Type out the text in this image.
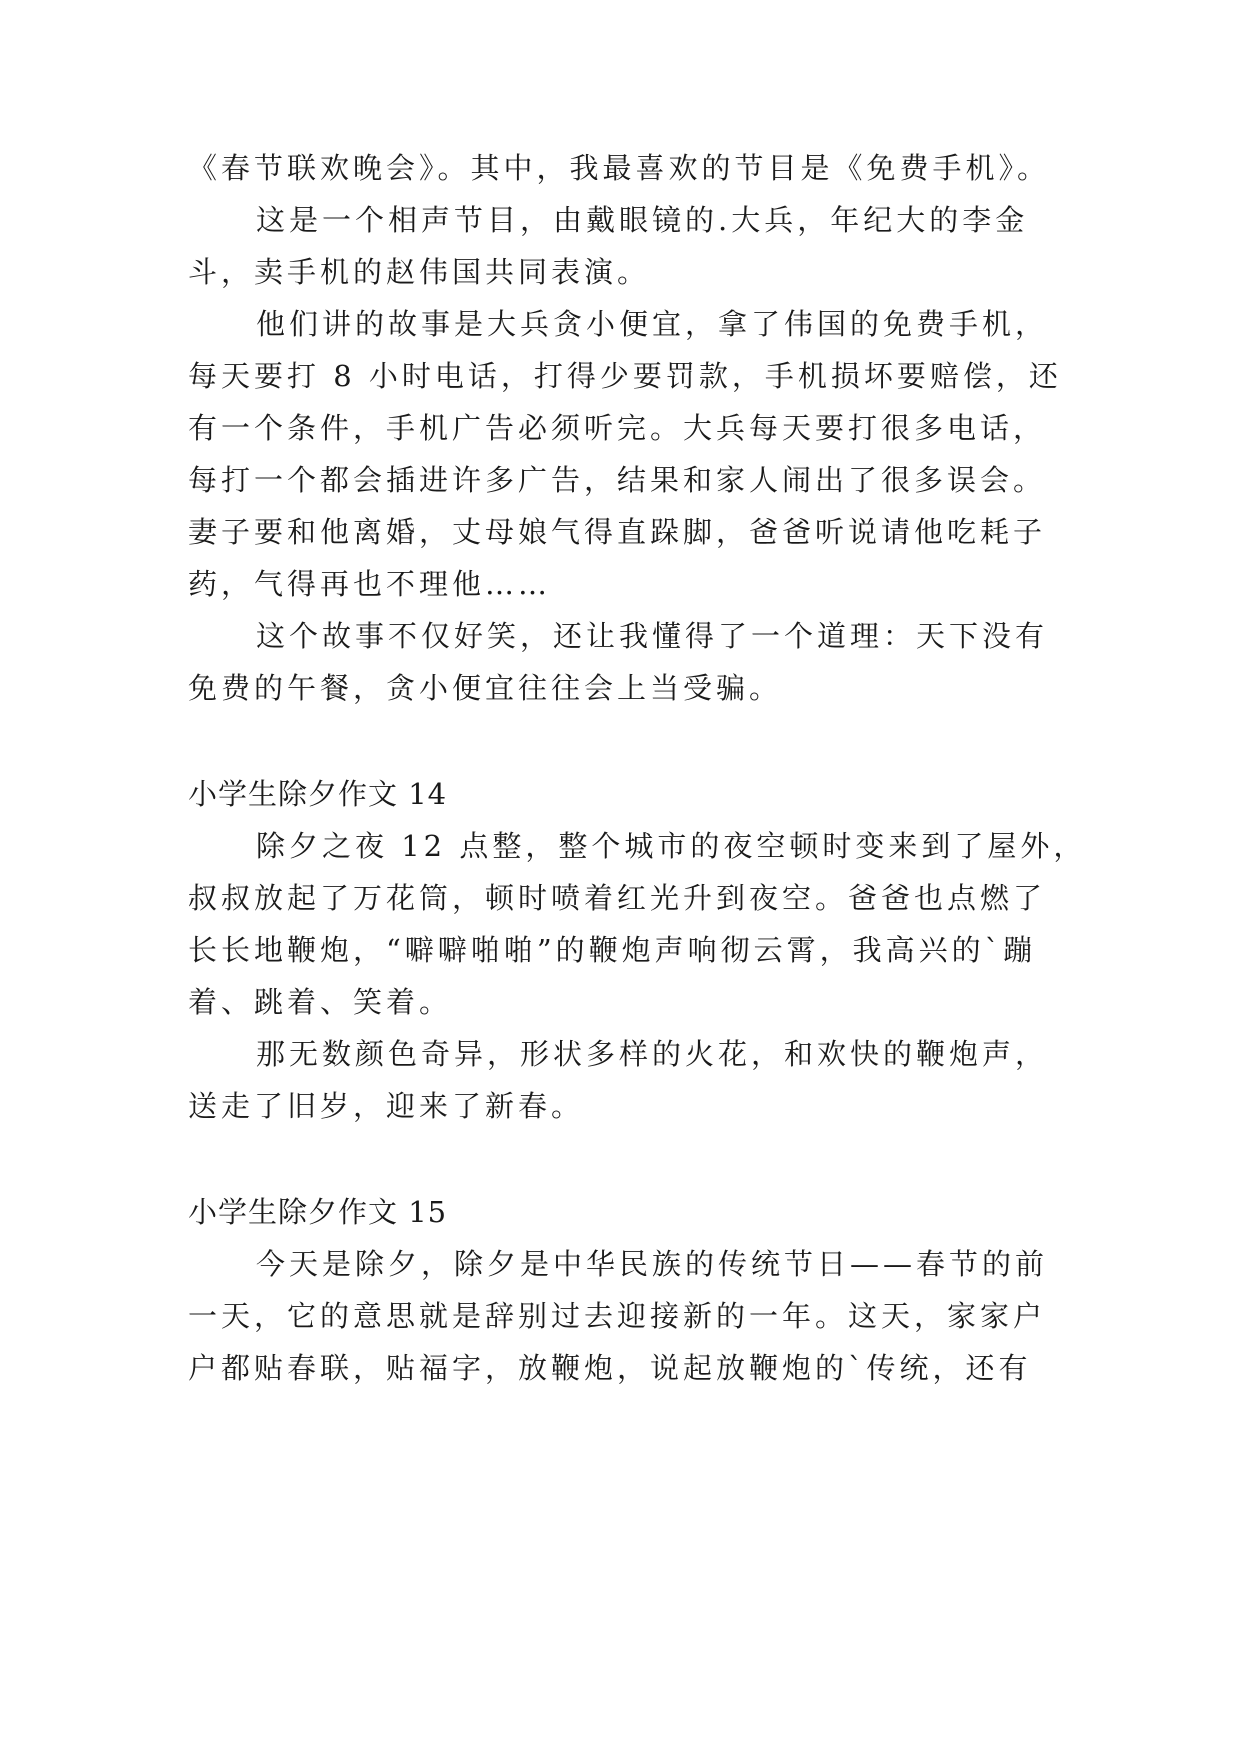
《春节联欢晚会》。其中，我最喜欢的节目是《免费手机》。
这是一个相声节目，由戴眼镜的.大兵，年纪大的李金
斗，卖手机的赵伟国共同表演。
他们讲的故事是大兵贪小便宜，拿了伟国的免费手机，
每天要打 8 小时电话，打得少要罚款，手机损坏要赔偿，还
有一个条件，手机广告必须听完。大兵每天要打很多电话，
每打一个都会插进许多广告，结果和家人闹出了很多误会。
妻子要和他离婚，丈母娘气得直跺脚，爸爸听说请他吃耗子
药，气得再也不理他……
这个故事不仅好笑，还让我懂得了一个道理：天下没有
免费的午餐，贪小便宜往往会上当受骗。
小学生除夕作文 14
除夕之夜 12 点整，整个城市的夜空顿时变来到了屋外，
叔叔放起了万花筒，顿时喷着红光升到夜空。爸爸也点燃了
长长地鞭炮，“噼噼啪啪”的鞭炮声响彻云霄，我高兴的`蹦
着、跳着、笑着。
那无数颜色奇异，形状多样的火花，和欢快的鞭炮声，
送走了旧岁，迎来了新春。
小学生除夕作文 15
今天是除夕，除夕是中华民族的传统节日——春节的前
一天，它的意思就是辞别过去迎接新的一年。这天，家家户
户都贴春联，贴福字，放鞭炮，说起放鞭炮的`传统，还有
